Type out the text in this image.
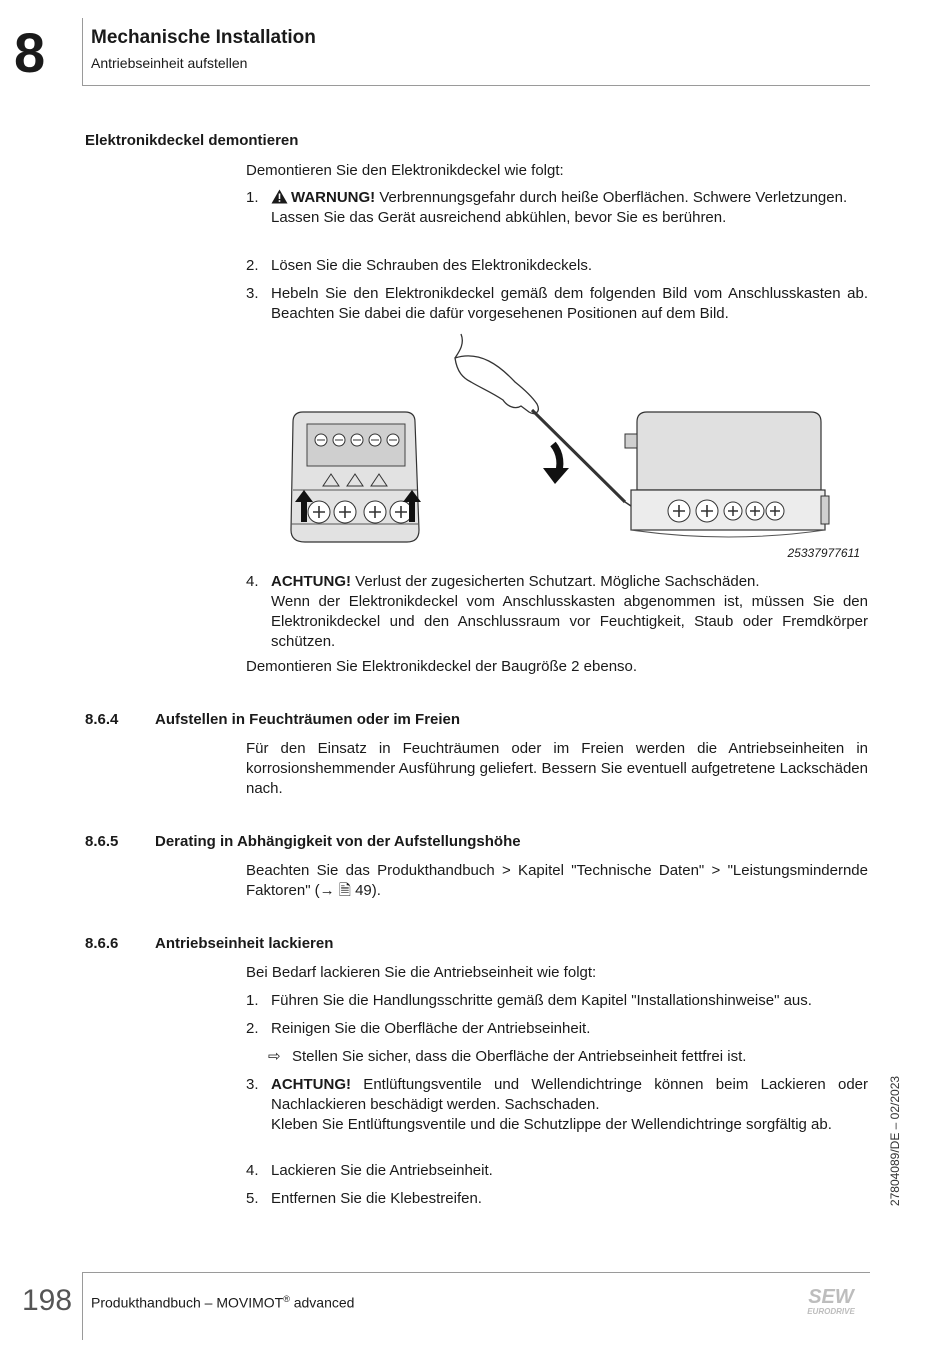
8 Mechanische Installation
Antriebseinheit aufstellen
Elektronikdeckel demontieren
Demontieren Sie den Elektronikdeckel wie folgt:
1.	WARNUNG! Verbrennungsgefahr durch heiße Oberflächen. Schwere Verletzungen.
Lassen Sie das Gerät ausreichend abkühlen, bevor Sie es berühren.
2. Lösen Sie die Schrauben des Elektronikdeckels.
3. Hebeln Sie den Elektronikdeckel gemäß dem folgenden Bild vom Anschlusskasten ab. Beachten Sie dabei die dafür vorgesehenen Positionen auf dem Bild.
25337977611
4. ACHTUNG! Verlust der zugesicherten Schutzart. Mögliche Sachschäden.
Wenn der Elektronikdeckel vom Anschlusskasten abgenommen ist, müssen Sie den Elektronikdeckel und den Anschlussraum vor Feuchtigkeit, Staub oder Fremdkörper schützen.
Demontieren Sie Elektronikdeckel der Baugröße 2 ebenso.
8.6.4 Aufstellen in Feuchträumen oder im Freien
Für den Einsatz in Feuchträumen oder im Freien werden die Antriebseinheiten in korrosionshemmender Ausführung geliefert. Bessern Sie eventuell aufgetretene Lackschäden nach.
8.6.5 Derating in Abhängigkeit von der Aufstellungshöhe
Beachten Sie das Produkthandbuch > Kapitel "Technische Daten" > "Leistungsmindernde Faktoren" (→ 🗎 49).
8.6.6 Antriebseinheit lackieren
Bei Bedarf lackieren Sie die Antriebseinheit wie folgt:
1. Führen Sie die Handlungsschritte gemäß dem Kapitel "Installationshinweise" aus.
2. Reinigen Sie die Oberfläche der Antriebseinheit.
⇨ Stellen Sie sicher, dass die Oberfläche der Antriebseinheit fettfrei ist.
3. ACHTUNG! Entlüftungsventile und Wellendichtringe können beim Lackieren oder Nachlackieren beschädigt werden. Sachschaden.
Kleben Sie Entlüftungsventile und die Schutzlippe der Wellendichtringe sorgfältig ab.
4. Lackieren Sie die Antriebseinheit.
5. Entfernen Sie die Klebestreifen.	27804089/DE – 02/2023
198 Produkthandbuch – MOVIMOT® advanced	SEW
EURODRIVE
